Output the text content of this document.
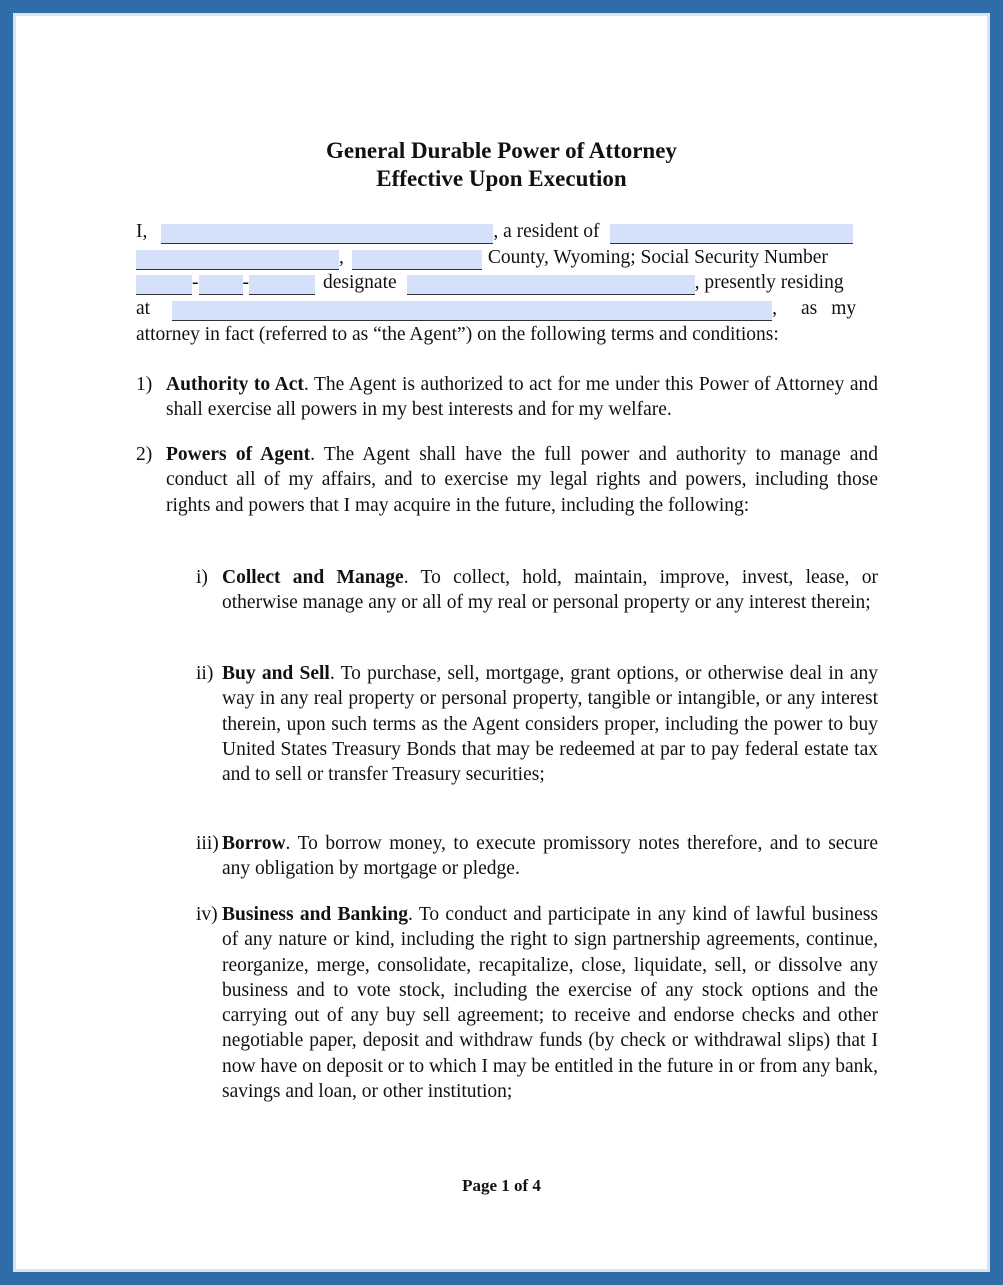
General Durable Power of Attorney
Effective Upon Execution
I,	, a resident of
,	County, Wyoming; Social Security Number
- -	designate	, presently residing
at	, as my
attorney in fact (referred to as “the Agent”) on the following terms and conditions:
1) Authority to Act. The Agent is authorized to act for me under this Power of Attorney and shall exercise all powers in my best interests and for my welfare.
2) Powers of Agent. The Agent shall have the full power and authority to manage and conduct all of my affairs, and to exercise my legal rights and powers, including those rights and powers that I may acquire in the future, including the following:
i) Collect and Manage. To collect, hold, maintain, improve, invest, lease, or otherwise manage any or all of my real or personal property or any interest therein;
ii) Buy and Sell. To purchase, sell, mortgage, grant options, or otherwise deal in any way in any real property or personal property, tangible or intangible, or any interest therein, upon such terms as the Agent considers proper, including the power to buy United States Treasury Bonds that may be redeemed at par to pay federal estate tax and to sell or transfer Treasury securities;
iii) Borrow. To borrow money, to execute promissory notes therefore, and to secure any obligation by mortgage or pledge.
iv) Business and Banking. To conduct and participate in any kind of lawful business of any nature or kind, including the right to sign partnership agreements, continue, reorganize, merge, consolidate, recapitalize, close, liquidate, sell, or dissolve any business and to vote stock, including the exercise of any stock options and the carrying out of any buy sell agreement; to receive and endorse checks and other negotiable paper, deposit and withdraw funds (by check or withdrawal slips) that I now have on deposit or to which I may be entitled in the future in or from any bank, savings and loan, or other institution;
Page 1 of 4
